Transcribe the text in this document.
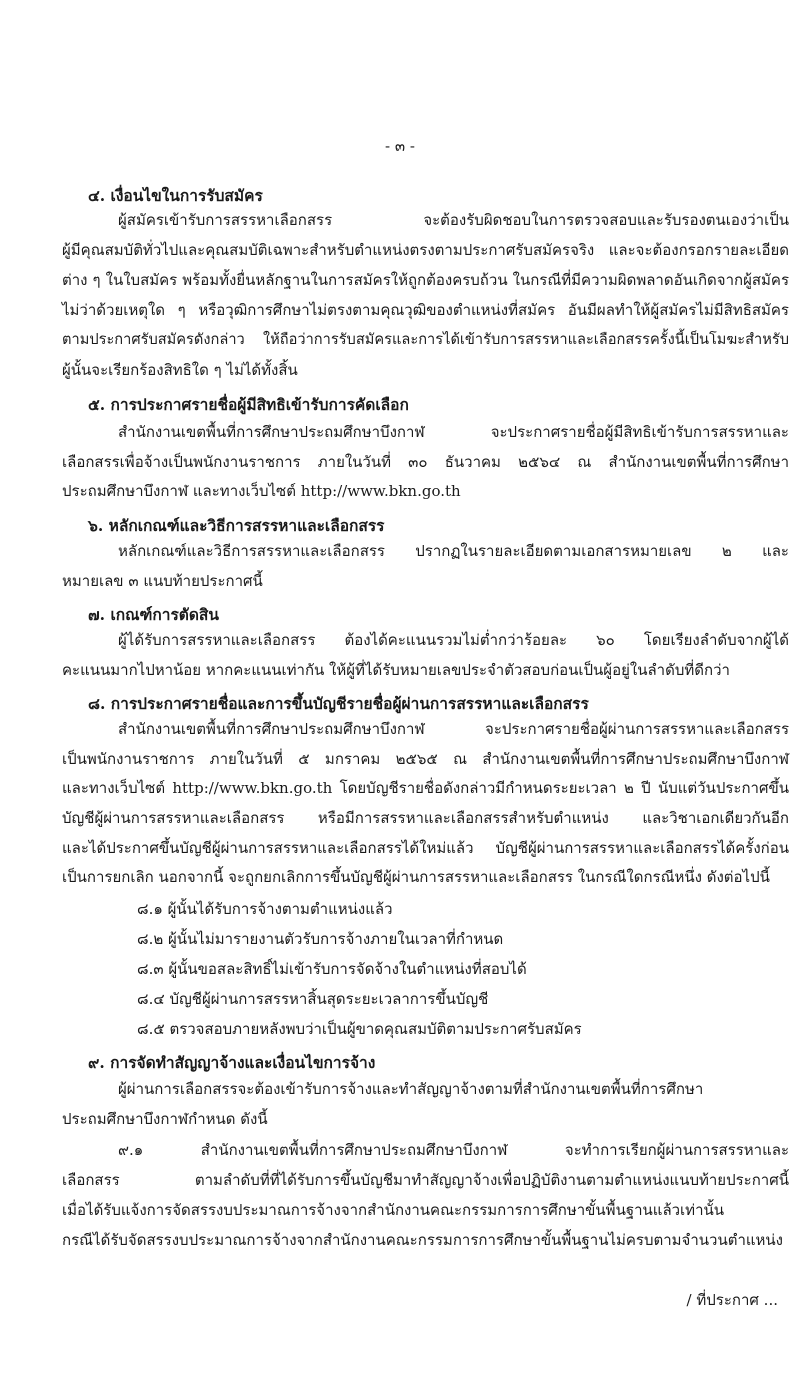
- ๓ -
๔. เงื่อนไขในการรับสมัคร
ผู้สมัครเข้ารับการสรรหาเลือกสรร จะต้องรับผิดชอบในการตรวจสอบและรับรองตนเองว่าเป็น
ผู้มีคุณสมบัติทั่วไปและคุณสมบัติเฉพาะสำหรับตำแหน่งตรงตามประกาศรับสมัครจริง และจะต้องกรอกรายละเอียด
ต่าง ๆ ในใบสมัคร พร้อมทั้งยื่นหลักฐานในการสมัครให้ถูกต้องครบถ้วน ในกรณีที่มีความผิดพลาดอันเกิดจากผู้สมัคร
ไม่ว่าด้วยเหตุใด ๆ หรือวุฒิการศึกษาไม่ตรงตามคุณวุฒิของตำแหน่งที่สมัคร อันมีผลทำให้ผู้สมัครไม่มีสิทธิสมัคร
ตามประกาศรับสมัครดังกล่าว ให้ถือว่าการรับสมัครและการได้เข้ารับการสรรหาและเลือกสรรครั้งนี้เป็นโมฆะสำหรับ
ผู้นั้นจะเรียกร้องสิทธิใด ๆ ไม่ได้ทั้งสิ้น
๕. การประกาศรายชื่อผู้มีสิทธิเข้ารับการคัดเลือก
สำนักงานเขตพื้นที่การศึกษาประถมศึกษาบึงกาฬ จะประกาศรายชื่อผู้มีสิทธิเข้ารับการสรรหาและ
เลือกสรรเพื่อจ้างเป็นพนักงานราชการ ภายในวันที่ ๓๐ ธันวาคม ๒๕๖๔ ณ สำนักงานเขตพื้นที่การศึกษา
ประถมศึกษาบึงกาฬ และทางเว็บไซต์ http://www.bkn.go.th
๖. หลักเกณฑ์และวิธีการสรรหาและเลือกสรร
หลักเกณฑ์และวิธีการสรรหาและเลือกสรร ปรากฏในรายละเอียดตามเอกสารหมายเลข ๒ และ
หมายเลข ๓ แนบท้ายประกาศนี้
๗. เกณฑ์การตัดสิน
ผู้ได้รับการสรรหาและเลือกสรร ต้องได้คะแนนรวมไม่ต่ำกว่าร้อยละ ๖๐ โดยเรียงลำดับจากผู้ได้
คะแนนมากไปหาน้อย หากคะแนนเท่ากัน ให้ผู้ที่ได้รับหมายเลขประจำตัวสอบก่อนเป็นผู้อยู่ในลำดับที่ดีกว่า
๘. การประกาศรายชื่อและการขึ้นบัญชีรายชื่อผู้ผ่านการสรรหาและเลือกสรร
สำนักงานเขตพื้นที่การศึกษาประถมศึกษาบึงกาฬ จะประกาศรายชื่อผู้ผ่านการสรรหาและเลือกสรร
เป็นพนักงานราชการ ภายในวันที่ ๕ มกราคม ๒๕๖๕ ณ สำนักงานเขตพื้นที่การศึกษาประถมศึกษาบึงกาฬ
และทางเว็บไซต์ http://www.bkn.go.th โดยบัญชีรายชื่อดังกล่าวมีกำหนดระยะเวลา ๒ ปี นับแต่วันประกาศขึ้น
บัญชีผู้ผ่านการสรรหาและเลือกสรร หรือมีการสรรหาและเลือกสรรสำหรับตำแหน่ง และวิชาเอกเดียวกันอีก
และได้ประกาศขึ้นบัญชีผู้ผ่านการสรรหาและเลือกสรรได้ใหม่แล้ว บัญชีผู้ผ่านการสรรหาและเลือกสรรได้ครั้งก่อน
เป็นการยกเลิก นอกจากนี้ จะถูกยกเลิกการขึ้นบัญชีผู้ผ่านการสรรหาและเลือกสรร ในกรณีใดกรณีหนึ่ง ดังต่อไปนี้
๘.๑ ผู้นั้นได้รับการจ้างตามตำแหน่งแล้ว
๘.๒ ผู้นั้นไม่มารายงานตัวรับการจ้างภายในเวลาที่กำหนด
๘.๓ ผู้นั้นขอสละสิทธิ์ไม่เข้ารับการจัดจ้างในตำแหน่งที่สอบได้
๘.๔ บัญชีผู้ผ่านการสรรหาสิ้นสุดระยะเวลาการขึ้นบัญชี
๘.๕ ตรวจสอบภายหลังพบว่าเป็นผู้ขาดคุณสมบัติตามประกาศรับสมัคร
๙. การจัดทำสัญญาจ้างและเงื่อนไขการจ้าง
ผู้ผ่านการเลือกสรรจะต้องเข้ารับการจ้างและทำสัญญาจ้างตามที่สำนักงานเขตพื้นที่การศึกษา
ประถมศึกษาบึงกาฬกำหนด ดังนี้
๙.๑ สำนักงานเขตพื้นที่การศึกษาประถมศึกษาบึงกาฬ จะทำการเรียกผู้ผ่านการสรรหาและ
เลือกสรร ตามลำดับที่ที่ได้รับการขึ้นบัญชีมาทำสัญญาจ้างเพื่อปฏิบัติงานตามตำแหน่งแนบท้ายประกาศนี้
เมื่อได้รับแจ้งการจัดสรรงบประมาณการจ้างจากสำนักงานคณะกรรมการการศึกษาขั้นพื้นฐานแล้วเท่านั้น
กรณีได้รับจัดสรรงบประมาณการจ้างจากสำนักงานคณะกรรมการการศึกษาขั้นพื้นฐานไม่ครบตามจำนวนตำแหน่ง
/ ที่ประกาศ ...
